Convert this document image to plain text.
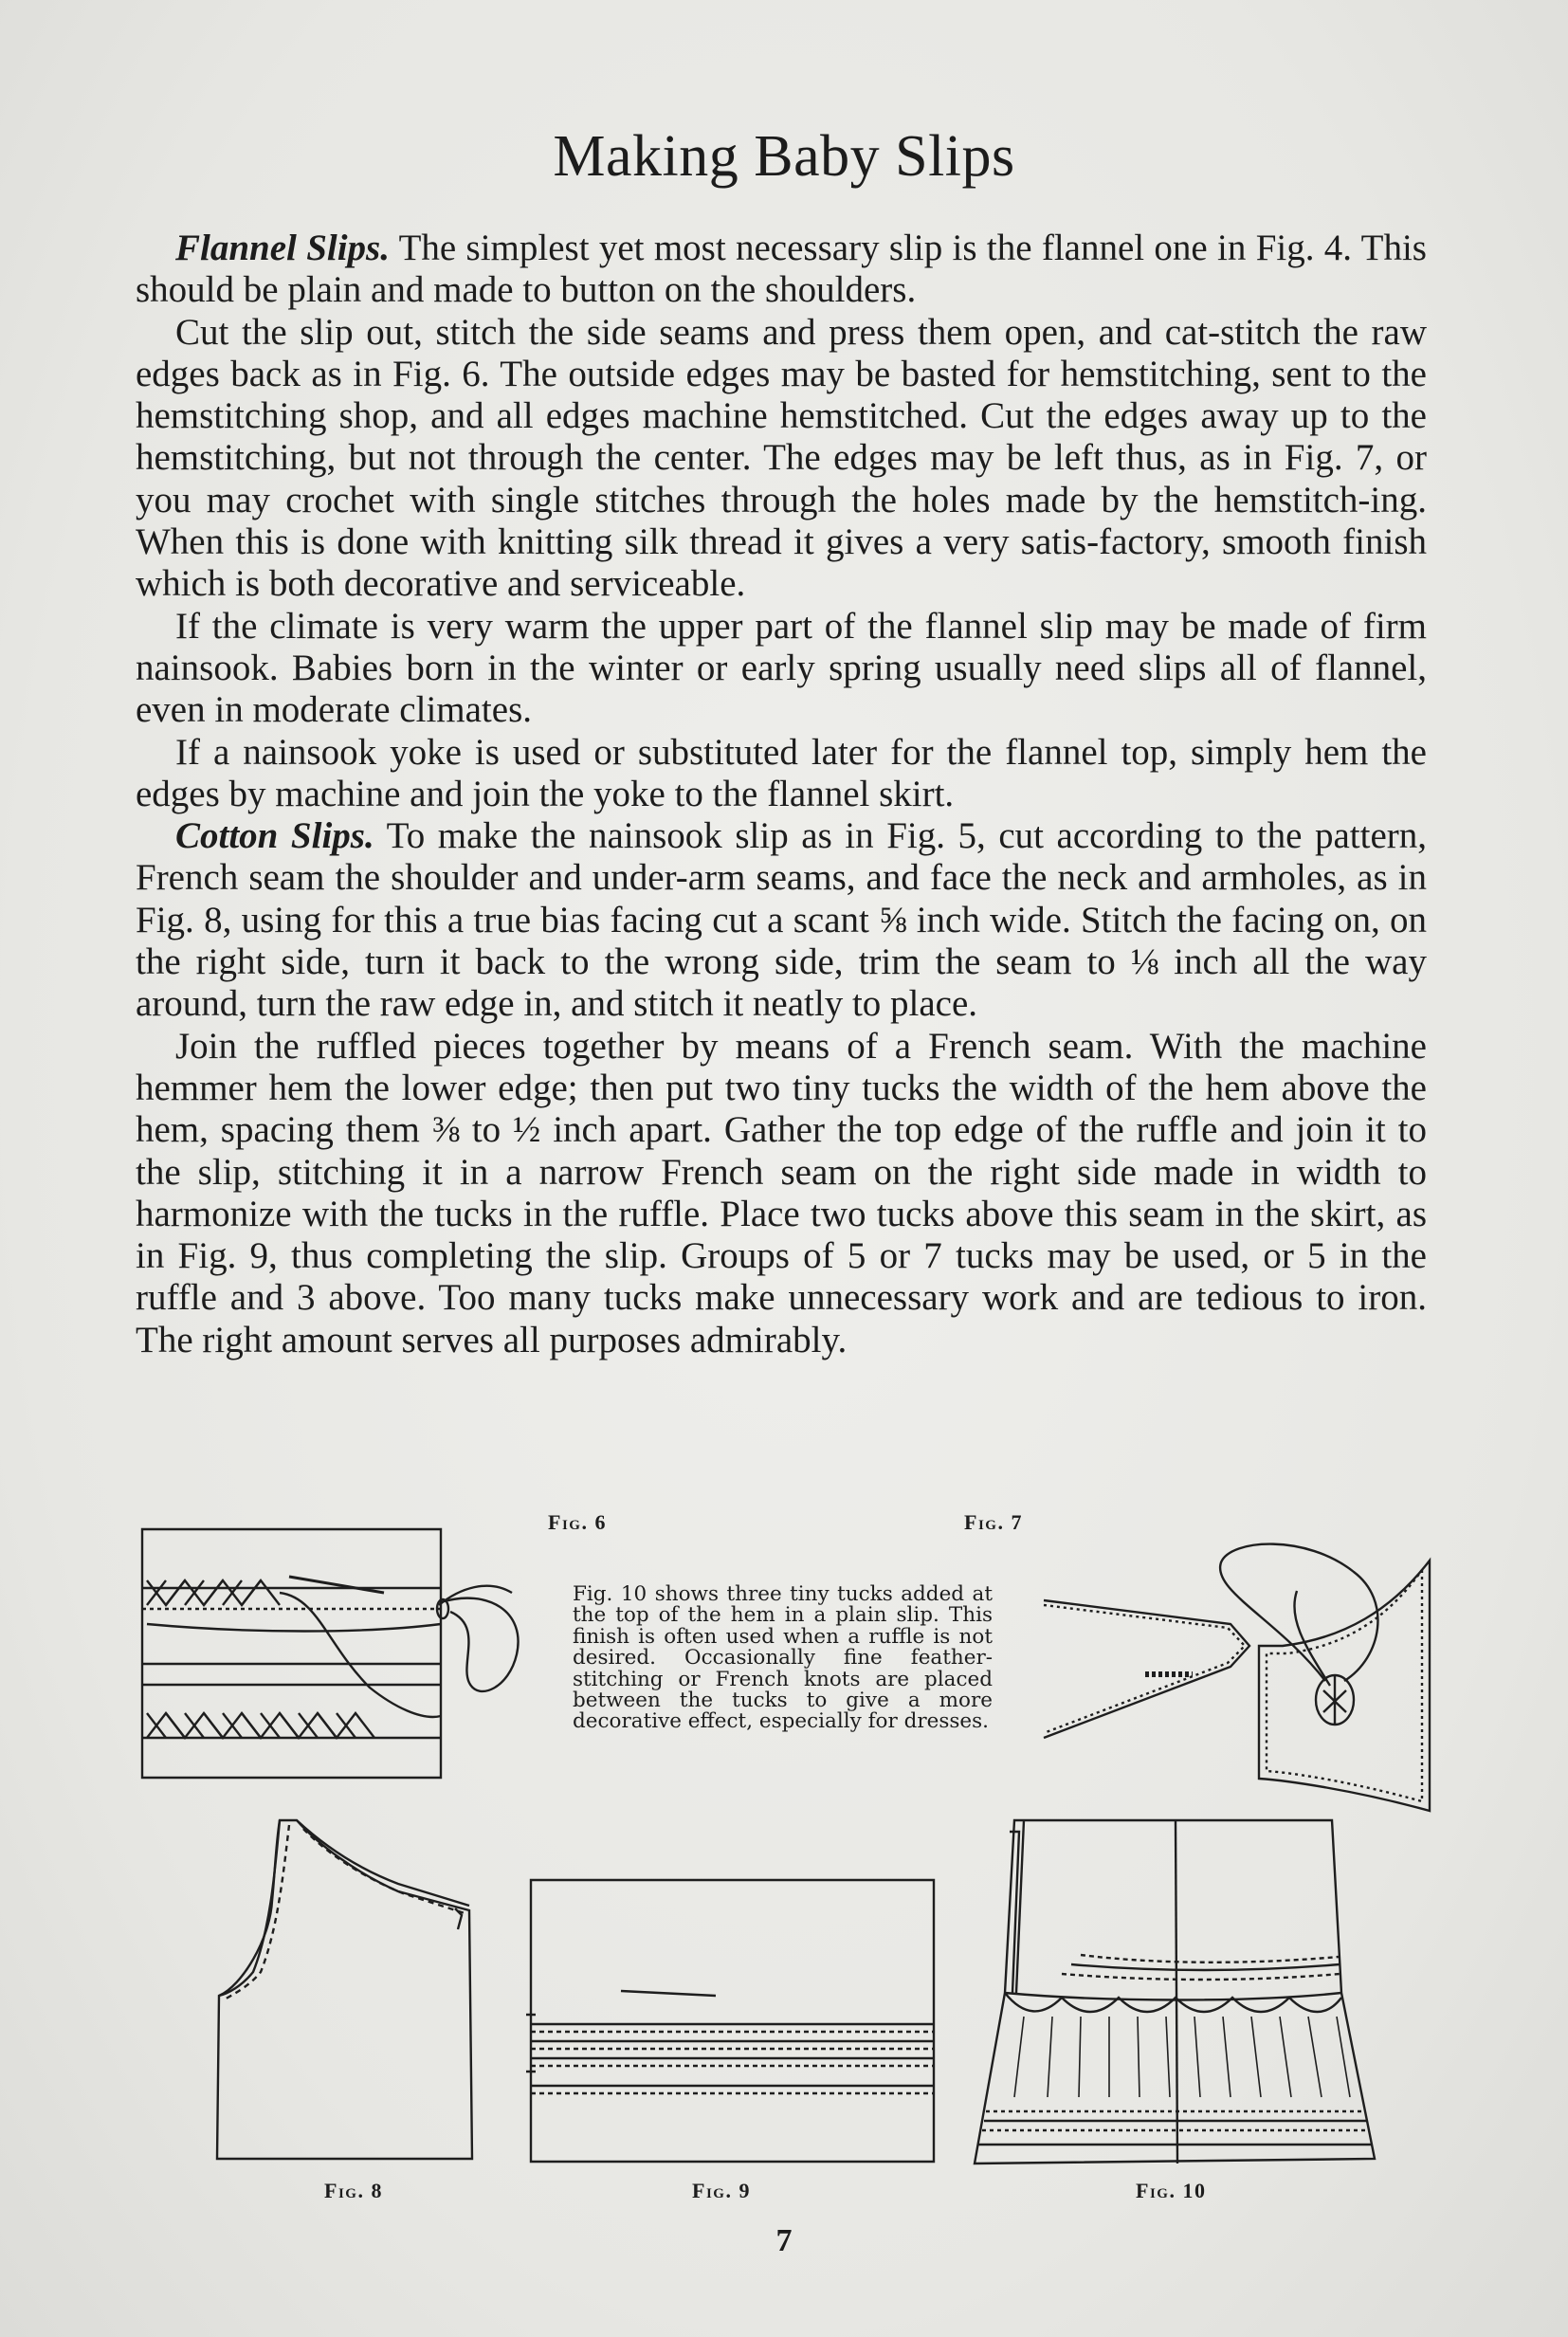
Making Baby Slips

Flannel Slips. The simplest yet most necessary slip is the flannel one in Fig. 4. This should be plain and made to button on the shoulders.

Cut the slip out, stitch the side seams and press them open, and cat-stitch the raw edges back as in Fig. 6. The outside edges may be basted for hemstitching, sent to the hemstitching shop, and all edges machine hemstitched. Cut the edges away up to the hemstitching, but not through the center. The edges may be left thus, as in Fig. 7, or you may crochet with single stitches through the holes made by the hemstitch-ing. When this is done with knitting silk thread it gives a very satis-factory, smooth finish which is both decorative and serviceable.

If the climate is very warm the upper part of the flannel slip may be made of firm nainsook. Babies born in the winter or early spring usually need slips all of flannel, even in moderate climates.

If a nainsook yoke is used or substituted later for the flannel top, simply hem the edges by machine and join the yoke to the flannel skirt.

Cotton Slips. To make the nainsook slip as in Fig. 5, cut according to the pattern, French seam the shoulder and under-arm seams, and face the neck and armholes, as in Fig. 8, using for this a true bias facing cut a scant ⅝ inch wide. Stitch the facing on, on the right side, turn it back to the wrong side, trim the seam to ⅛ inch all the way around, turn the raw edge in, and stitch it neatly to place.

Join the ruffled pieces together by means of a French seam. With the machine hemmer hem the lower edge; then put two tiny tucks the width of the hem above the hem, spacing them ⅜ to ½ inch apart. Gather the top edge of the ruffle and join it to the slip, stitching it in a narrow French seam on the right side made in width to harmonize with the tucks in the ruffle. Place two tucks above this seam in the skirt, as in Fig. 9, thus completing the slip. Groups of 5 or 7 tucks may be used, or 5 in the ruffle and 3 above. Too many tucks make unnecessary work and are tedious to iron. The right amount serves all purposes admirably.

Fig. 6	Fig. 7
Fig. 8	Fig. 9	Fig. 10
Fig. 10 shows three tiny tucks added at the top of the hem in a plain slip. This finish is often used when a ruffle is not desired. Occasionally fine feather-stitching or French knots are placed between the tucks to give a more decorative effect, especially for dresses.
7
